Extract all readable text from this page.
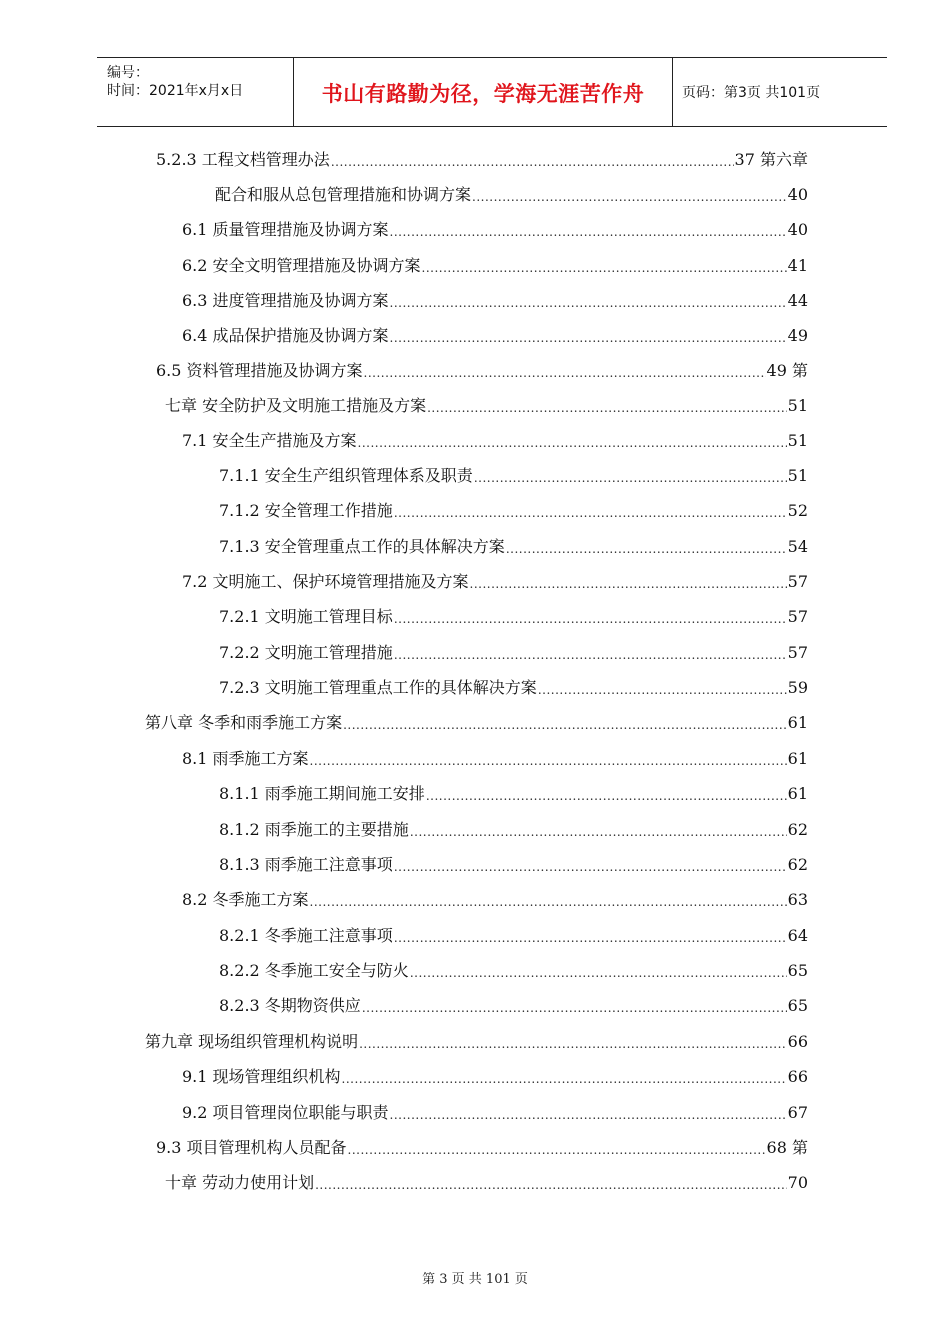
编号：
时间：2021年x月x日	书山有路勤为径，学海无涯苦作舟	页码：第3页 共101页
5.2.3 工程文档管理办法 .....	37 第六章
配合和服从总包管理措施和协调方案 .....	40
6.1 质量管理措施及协调方案 .....	40
6.2 安全文明管理措施及协调方案 .....	41
6.3 进度管理措施及协调方案 .....	44
6.4 成品保护措施及协调方案 .....	49
6.5 资料管理措施及协调方案 .....	49 第
七章 安全防护及文明施工措施及方案 .....	51
7.1 安全生产措施及方案 .....	51
7.1.1 安全生产组织管理体系及职责 .....	51
7.1.2 安全管理工作措施 .....	52
7.1.3 安全管理重点工作的具体解决方案 .....	54
7.2 文明施工、保护环境管理措施及方案 .....	57
7.2.1 文明施工管理目标 .....	57
7.2.2 文明施工管理措施 .....	57
7.2.3 文明施工管理重点工作的具体解决方案 .....	59
第八章 冬季和雨季施工方案 .....	61
8.1 雨季施工方案 .....	61
8.1.1 雨季施工期间施工安排 .....	61
8.1.2 雨季施工的主要措施 .....	62
8.1.3 雨季施工注意事项 .....	62
8.2 冬季施工方案 .....	63
8.2.1 冬季施工注意事项 .....	64
8.2.2 冬季施工安全与防火 .....	65
8.2.3 冬期物资供应 .....	65
第九章 现场组织管理机构说明 .....	66
9.1 现场管理组织机构 .....	66
9.2 项目管理岗位职能与职责 .....	67
9.3 项目管理机构人员配备 .....	68 第
十章 劳动力使用计划 .....	70
第 3 页 共 101 页
